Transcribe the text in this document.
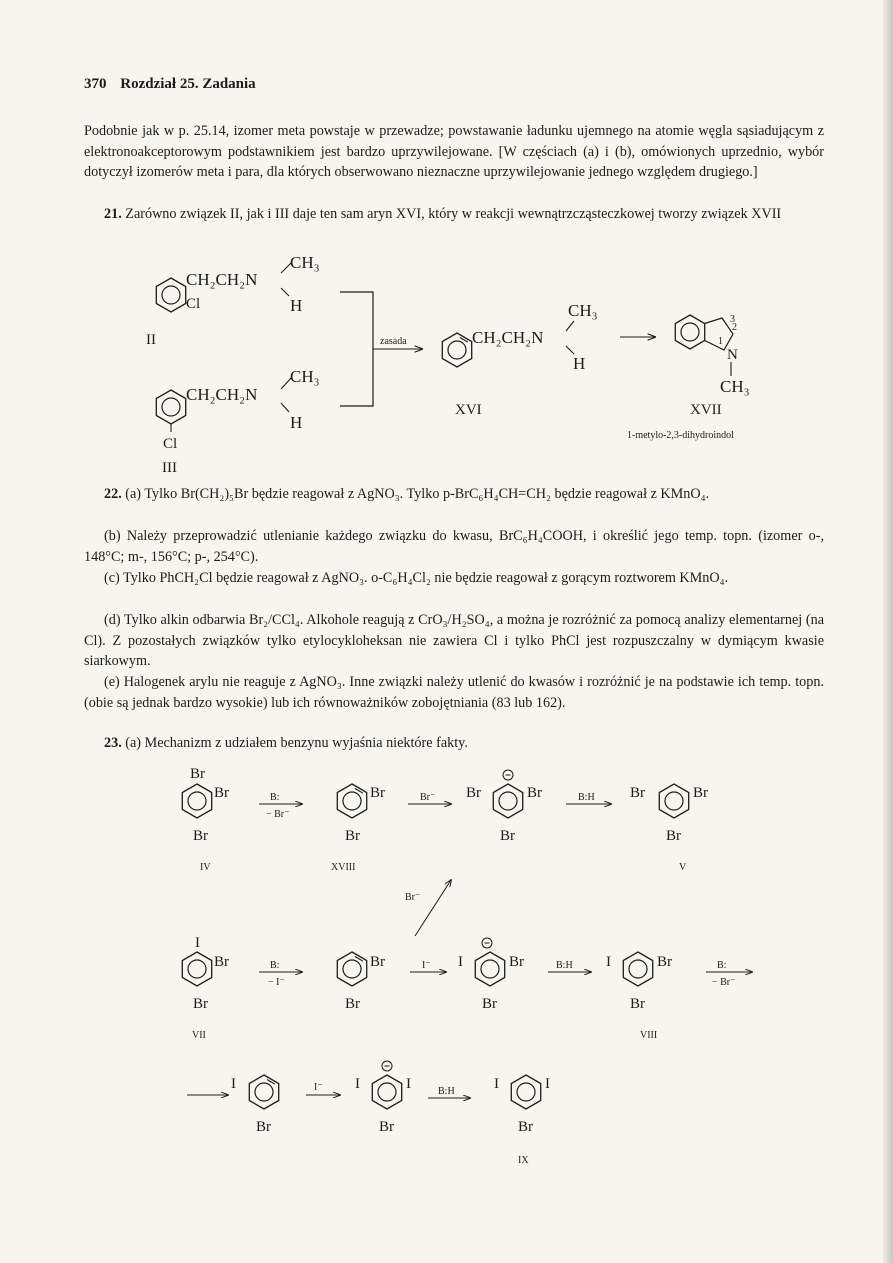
370 Rozdział 25. Zadania
Podobnie jak w p. 25.14, izomer meta powstaje w przewadze; powstawanie ładunku ujemnego na atomie węgla sąsiadującym z elektronoakceptorowym podstawnikiem jest bardzo uprzywilejowane. [W częściach (a) i (b), omówionych uprzednio, wybór dotyczył izomerów meta i para, dla których obserwowano nieznaczne uprzywilejowanie jednego względem drugiego.]
21. Zarówno związek II, jak i III daje ten sam aryn XVI, który w reakcji wewnątrzcząsteczkowej tworzy związek XVII
22. (a) Tylko Br(CH₂)₅Br będzie reagował z AgNO₃. Tylko p-BrC₆H₄CH=CH₂ będzie reagował z KMnO₄.
(b) Należy przeprowadzić utlenianie każdego związku do kwasu, BrC₆H₄COOH, i określić jego temp. topn. (izomer o-, 148°C; m-, 156°C; p-, 254°C).
(c) Tylko PhCH₂Cl będzie reagował z AgNO₃. o-C₆H₄Cl₂ nie będzie reagował z gorącym roztworem KMnO₄.
(d) Tylko alkin odbarwia Br₂/CCl₄. Alkohole reagują z CrO₃/H₂SO₄, a można je rozróżnić za pomocą analizy elementarnej (na Cl). Z pozostałych związków tylko etylocykloheksan nie zawiera Cl i tylko PhCl jest rozpuszczalny w dymiącym kwasie siarkowym.
(e) Halogenek arylu nie reaguje z AgNO₃. Inne związki należy utlenić do kwasów i rozróżnić je na podstawie ich temp. topn. (obie są jednak bardzo wysokie) lub ich równoważników zobojętniania (83 lub 162).
23. (a) Mechanizm z udziałem benzynu wyjaśnia niektóre fakty.
CH₂CH₂N
CH₃
H
Cl
II
CH₂CH₂N
CH₃
H
Cl
III
zasada	CH₂CH₂N
CH₃
H
XVI
N
CH₃
1
2
3
XVII
1-metylo-2,3-dihydroindol
Br
Br
Br
IV
B:
− Br⁻
Br
Br
XVIII
Br⁻ Br	Br
Br
B:H Br	Br
Br
V
Br⁻
I
Br
Br
VII
B:
− I⁻
Br
Br
I⁻ I	Br
Br
B:H I	Br
Br
VIII
B:
− Br⁻
I
Br
I⁻ I	I
Br
B:H	I	I
Br
IX
